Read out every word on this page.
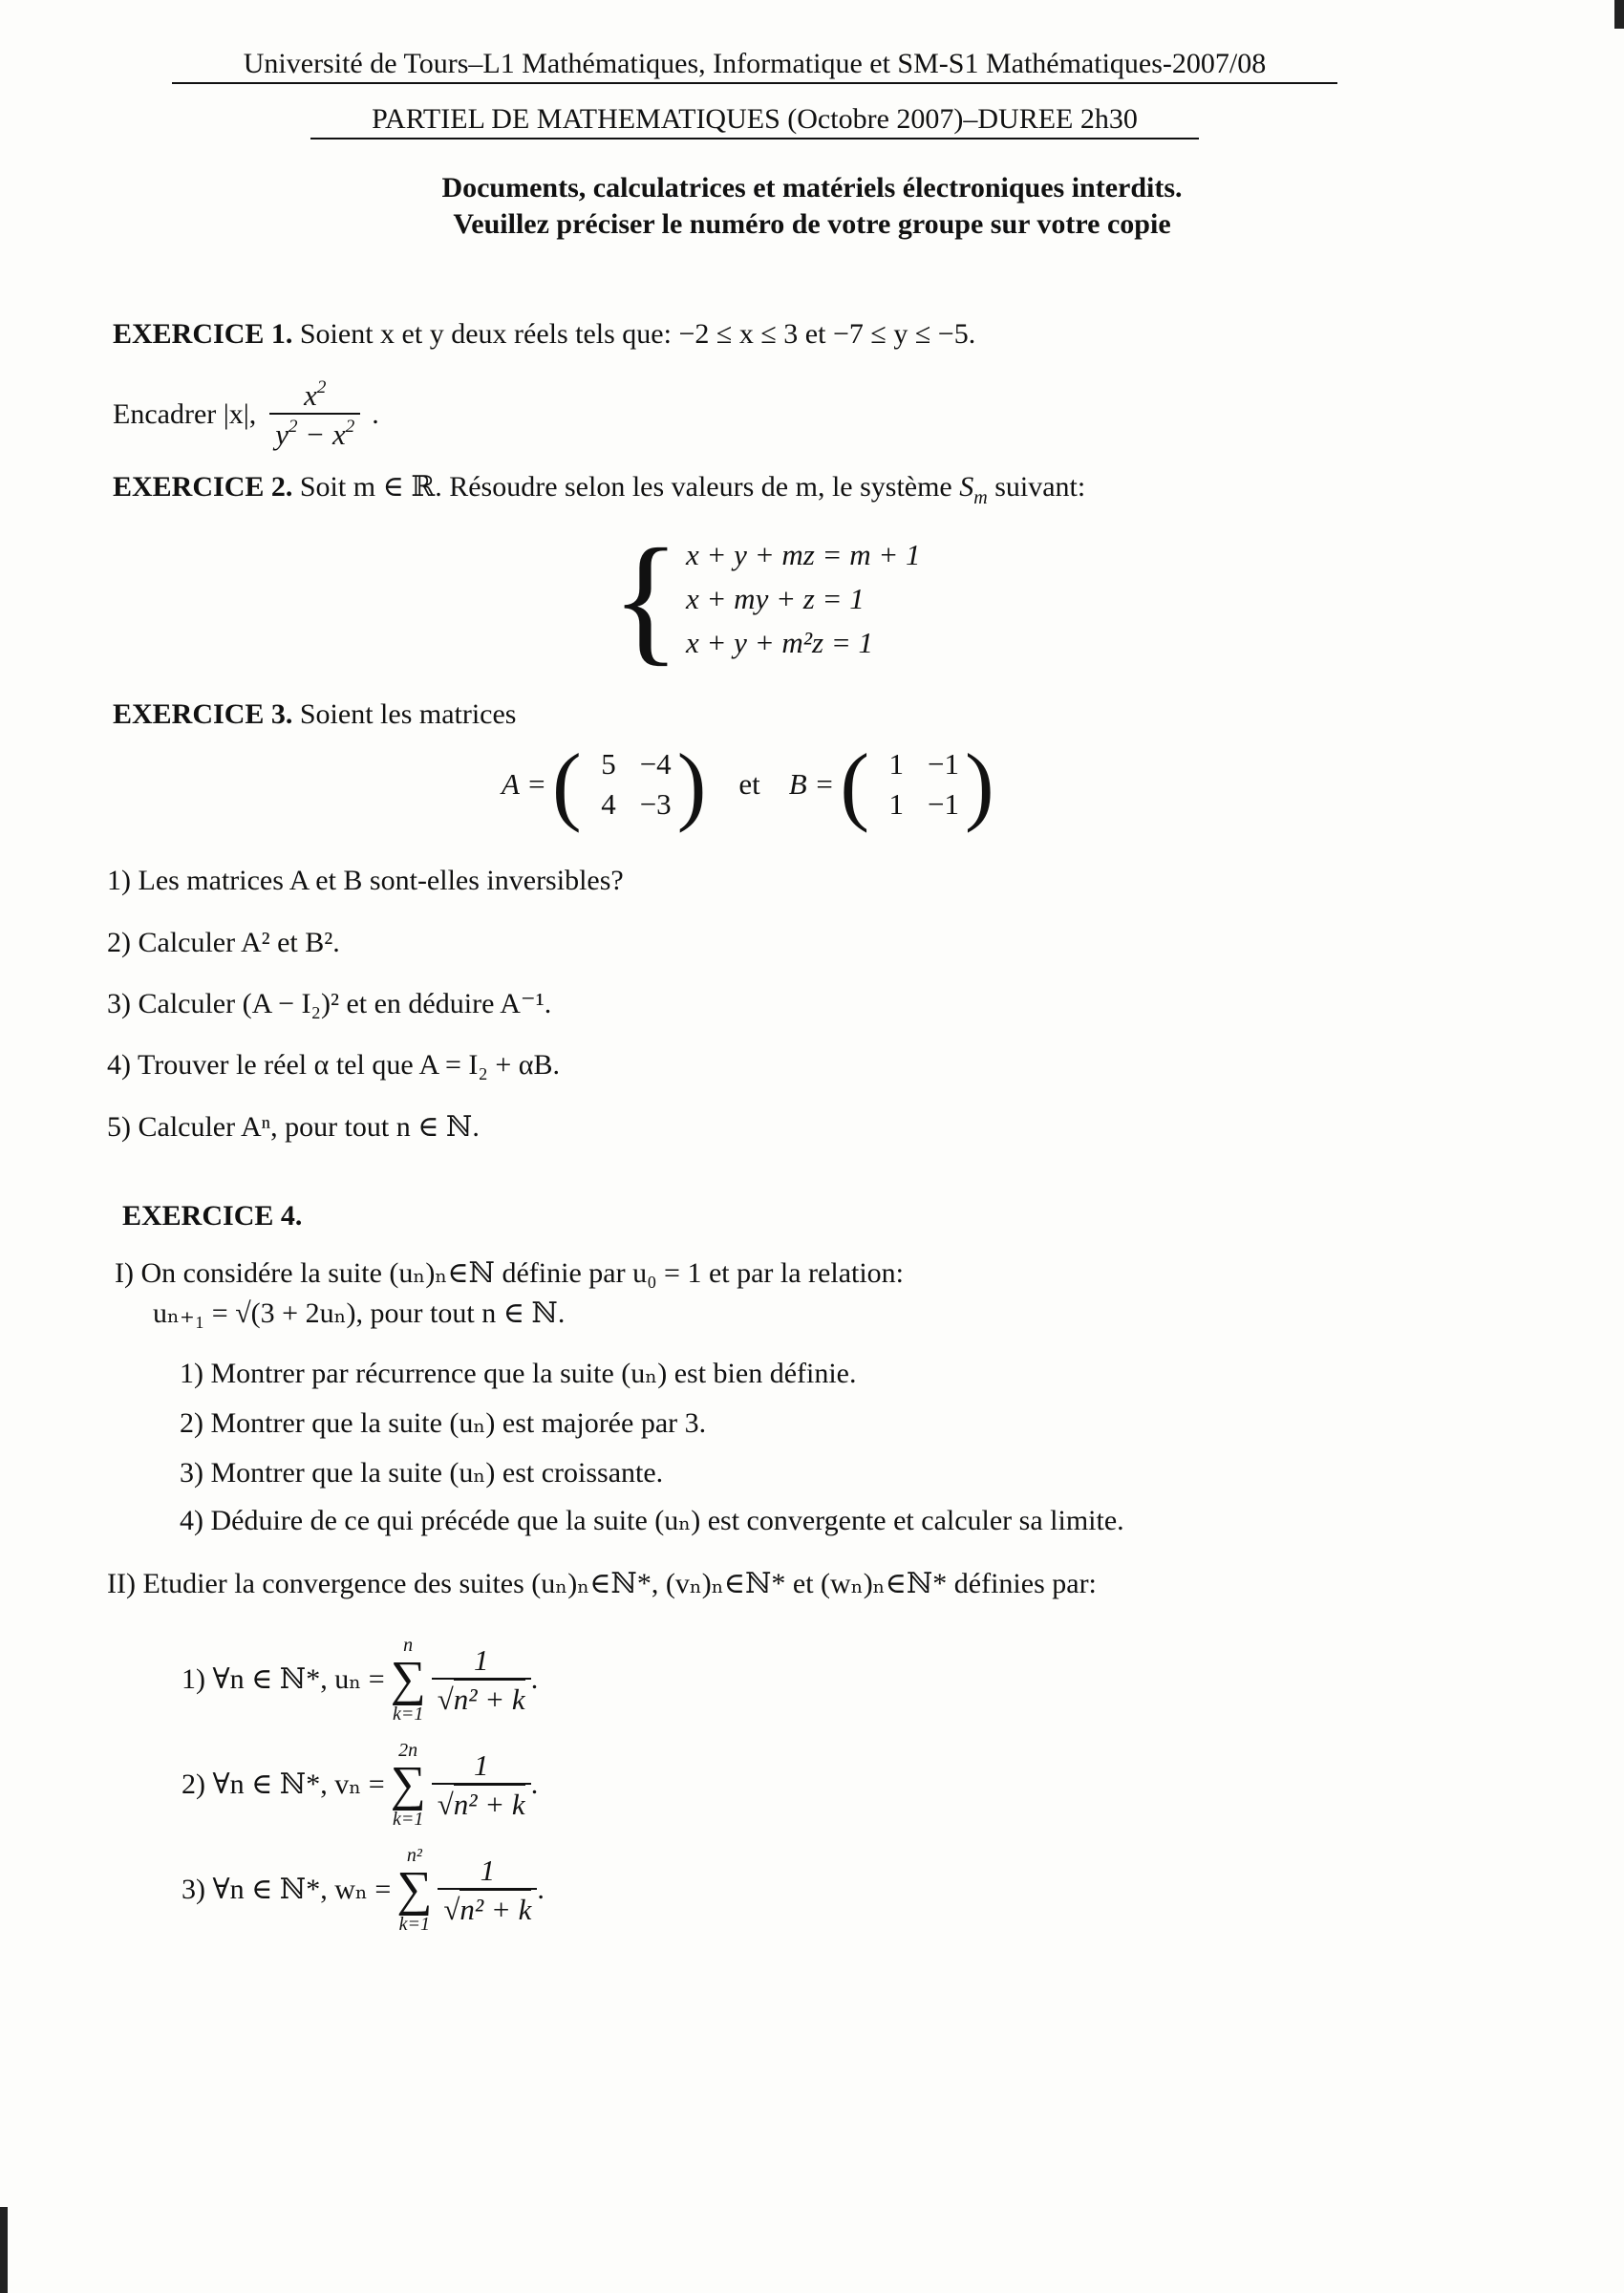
Université de Tours–L1 Mathématiques, Informatique et SM-S1 Mathématiques-2007/08
PARTIEL DE MATHEMATIQUES (Octobre 2007)–DUREE 2h30
Documents, calculatrices et matériels électroniques interdits.
Veuillez préciser le numéro de votre groupe sur votre copie
EXERCICE 1. Soient x et y deux réels tels que: −2 ≤ x ≤ 3 et −7 ≤ y ≤ −5.
Encadrer |x|, $\frac{x^2}{y^2 - x^2}$ .
EXERCICE 2. Soit m ∈ ℝ. Résoudre selon les valeurs de m, le système $S_m$ suivant:
{ x + y + mz = m + 1
x + my + z = 1
x + y + m²z = 1
EXERCICE 3. Soient les matrices
A = ( 5 −4
4 −3 ) et B = ( 1 −1
1 −1 )
1) Les matrices A et B sont-elles inversibles?
2) Calculer A² et B².
3) Calculer (A − I₂)² et en déduire A⁻¹.
4) Trouver le réel α tel que A = I₂ + αB.
5) Calculer Aⁿ, pour tout n ∈ ℕ.
EXERCICE 4.
I) On considére la suite (uₙ)ₙ∈ℕ définie par u₀ = 1 et par la relation:
uₙ₊₁ = √(3 + 2uₙ), pour tout n ∈ ℕ.
1) Montrer par récurrence que la suite (uₙ) est bien définie.
2) Montrer que la suite (uₙ) est majorée par 3.
3) Montrer que la suite (uₙ) est croissante.
4) Déduire de ce qui précéde que la suite (uₙ) est convergente et calculer sa limite.
II) Etudier la convergence des suites (uₙ)ₙ∈ℕ*, (vₙ)ₙ∈ℕ* et (wₙ)ₙ∈ℕ* définies par:
1) ∀n ∈ ℕ*, uₙ =
n
∑
$k=1 \frac{1}{\text{√n² + k}}$ .
2) ∀n ∈ ℕ*, vₙ =
2n
∑
$k=1 \frac{1}{\text{√n² + k}}$ .
3) ∀n ∈ ℕ*, wₙ =
n²
∑
$k=1 \frac{1}{\text{√n² + k}}$ .
